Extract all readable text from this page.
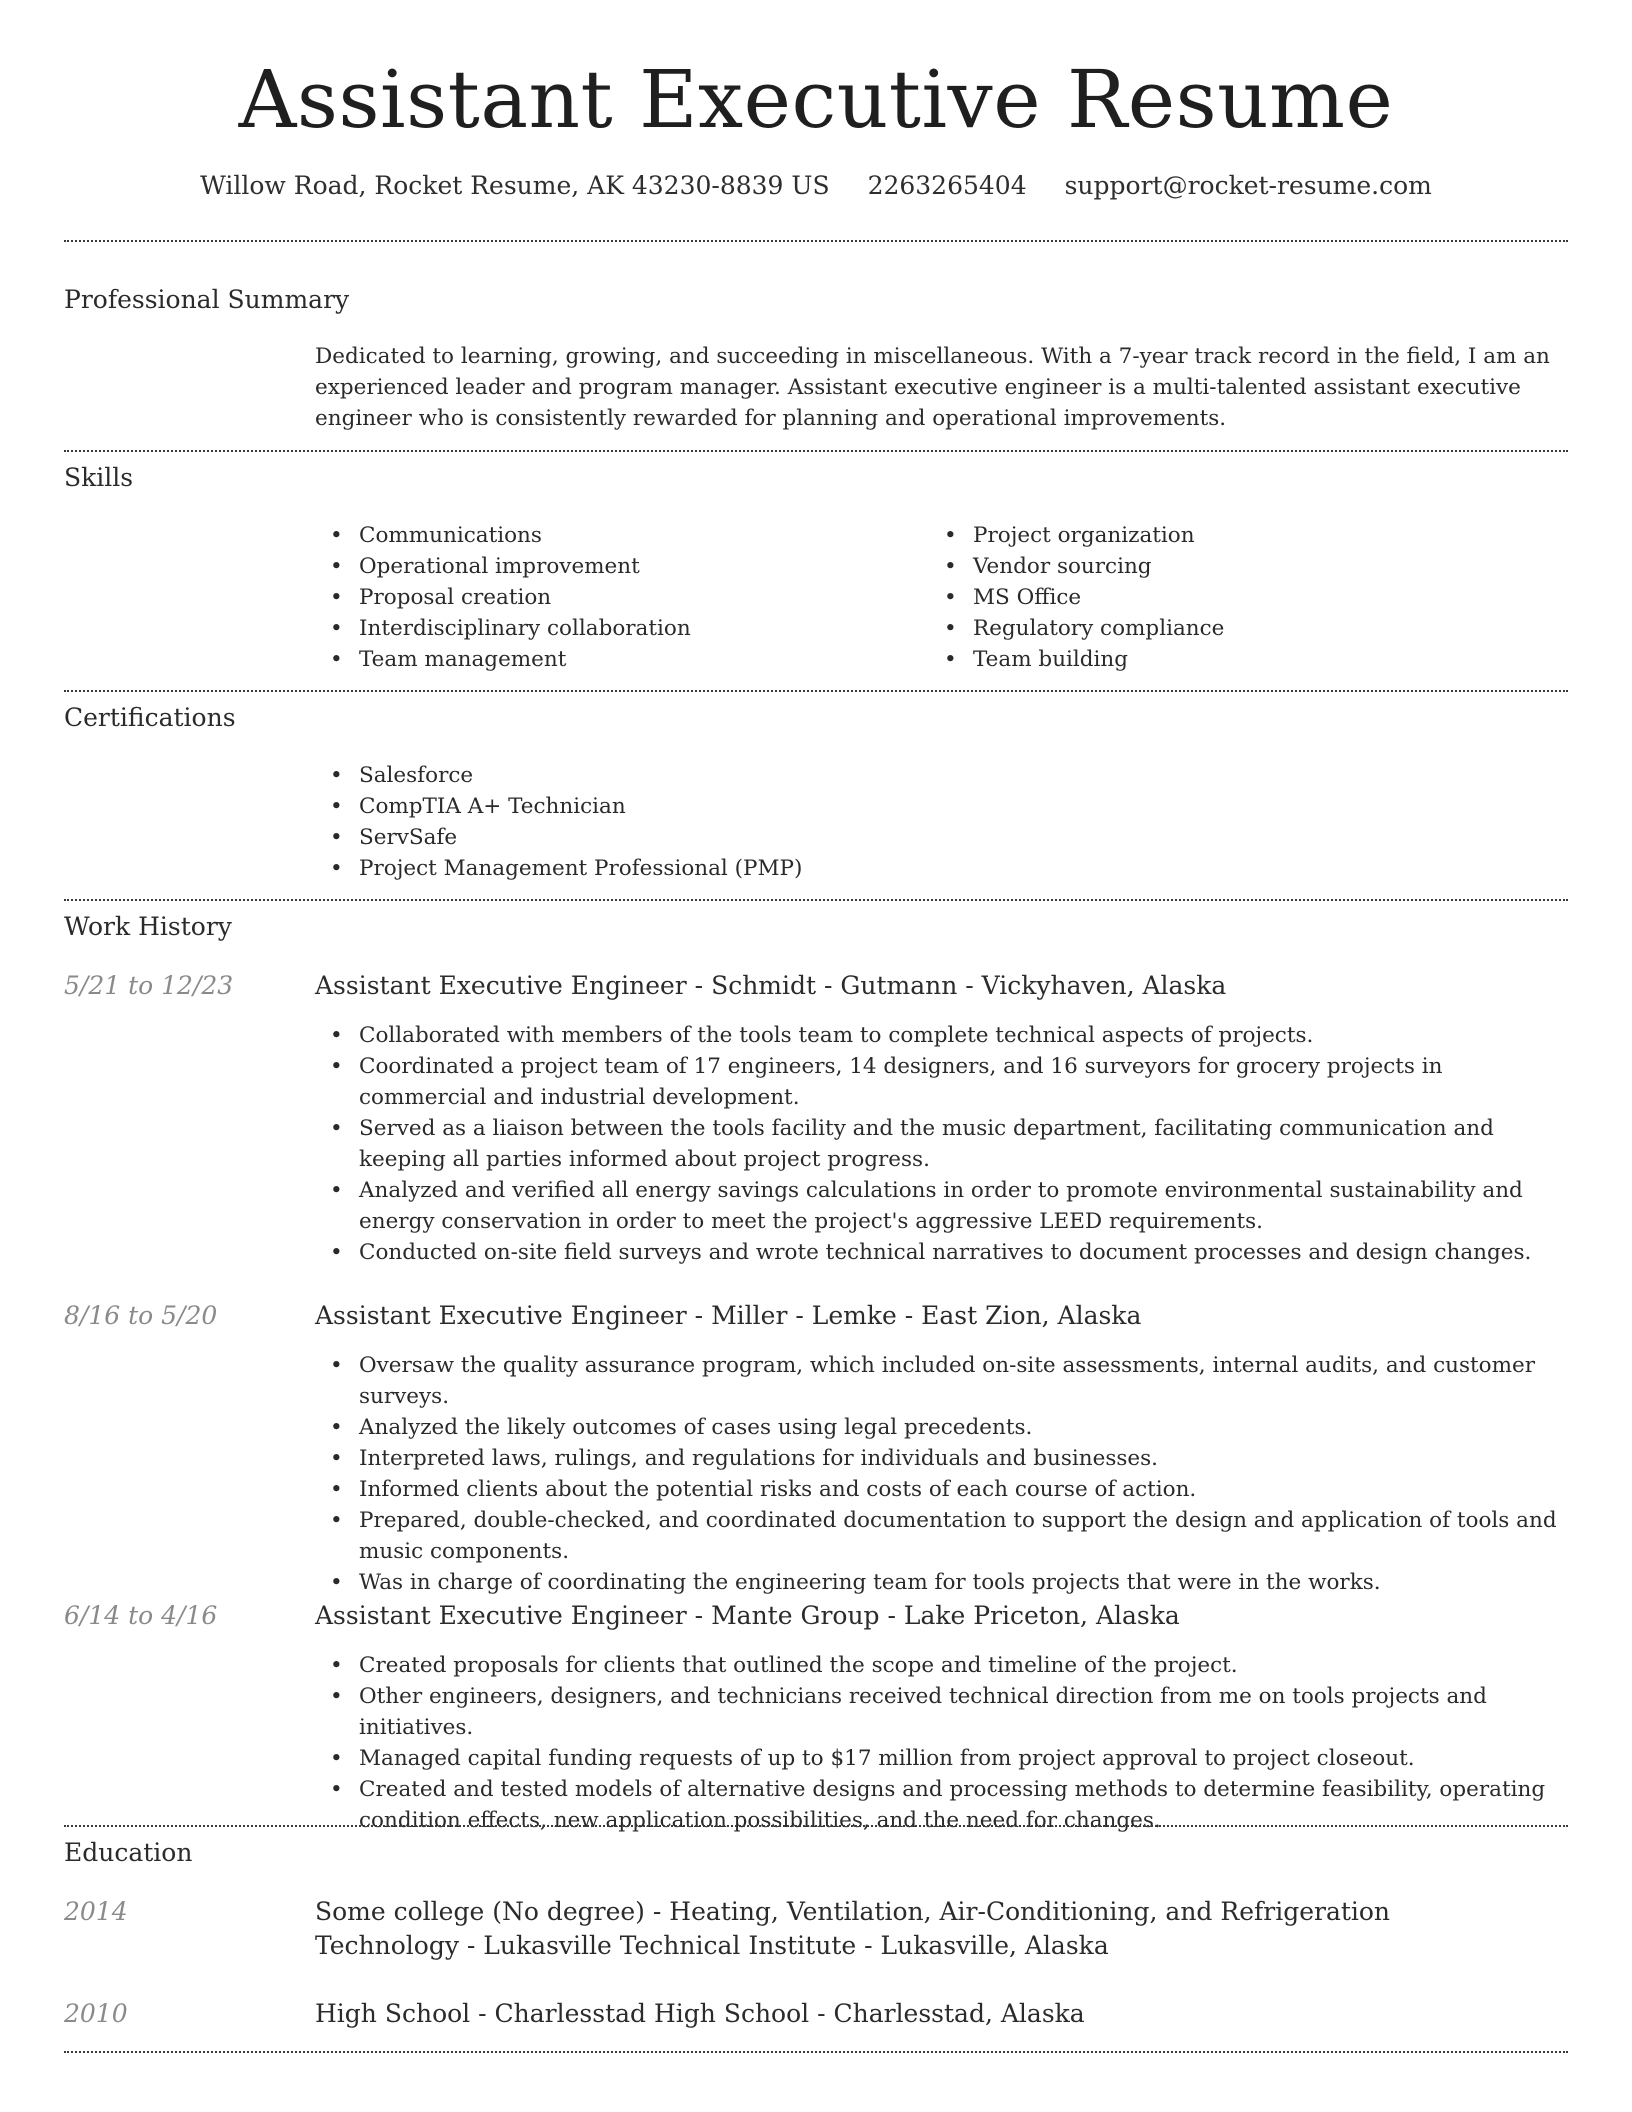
Assistant Executive Resume
Willow Road, Rocket Resume, AK 43230-8839 US 2263265404 support@rocket-resume.com
Professional Summary
Dedicated to learning, growing, and succeeding in miscellaneous. With a 7-year track record in the field, I am an experienced leader and program manager. Assistant executive engineer is a multi-talented assistant executive engineer who is consistently rewarded for planning and operational improvements.
Skills
• Communications
• Operational improvement
• Proposal creation
• Interdisciplinary collaboration
• Team management
• Project organization
• Vendor sourcing
• MS Office
• Regulatory compliance
• Team building
Certifications
• Salesforce
• CompTIA A+ Technician
• ServSafe
• Project Management Professional (PMP)
Work History
5/21 to 12/23	Assistant Executive Engineer - Schmidt - Gutmann - Vickyhaven, Alaska
• Collaborated with members of the tools team to complete technical aspects of projects.
• Coordinated a project team of 17 engineers, 14 designers, and 16 surveyors for grocery projects in commercial and industrial development.
• Served as a liaison between the tools facility and the music department, facilitating communication and keeping all parties informed about project progress.
• Analyzed and verified all energy savings calculations in order to promote environmental sustainability and energy conservation in order to meet the project's aggressive LEED requirements.
• Conducted on-site field surveys and wrote technical narratives to document processes and design changes.
8/16 to 5/20	Assistant Executive Engineer - Miller - Lemke - East Zion, Alaska
• Oversaw the quality assurance program, which included on-site assessments, internal audits, and customer surveys.
• Analyzed the likely outcomes of cases using legal precedents.
• Interpreted laws, rulings, and regulations for individuals and businesses.
• Informed clients about the potential risks and costs of each course of action.
• Prepared, double-checked, and coordinated documentation to support the design and application of tools and music components.
• Was in charge of coordinating the engineering team for tools projects that were in the works.
6/14 to 4/16	Assistant Executive Engineer - Mante Group - Lake Priceton, Alaska
• Created proposals for clients that outlined the scope and timeline of the project.
• Other engineers, designers, and technicians received technical direction from me on tools projects and initiatives.
• Managed capital funding requests of up to $17 million from project approval to project closeout.
• Created and tested models of alternative designs and processing methods to determine feasibility, operating condition effects, new application possibilities, and the need for changes.
Education
2014	Some college (No degree) - Heating, Ventilation, Air-Conditioning, and Refrigeration Technology - Lukasville Technical Institute - Lukasville, Alaska
2010	High School - Charlesstad High School - Charlesstad, Alaska
